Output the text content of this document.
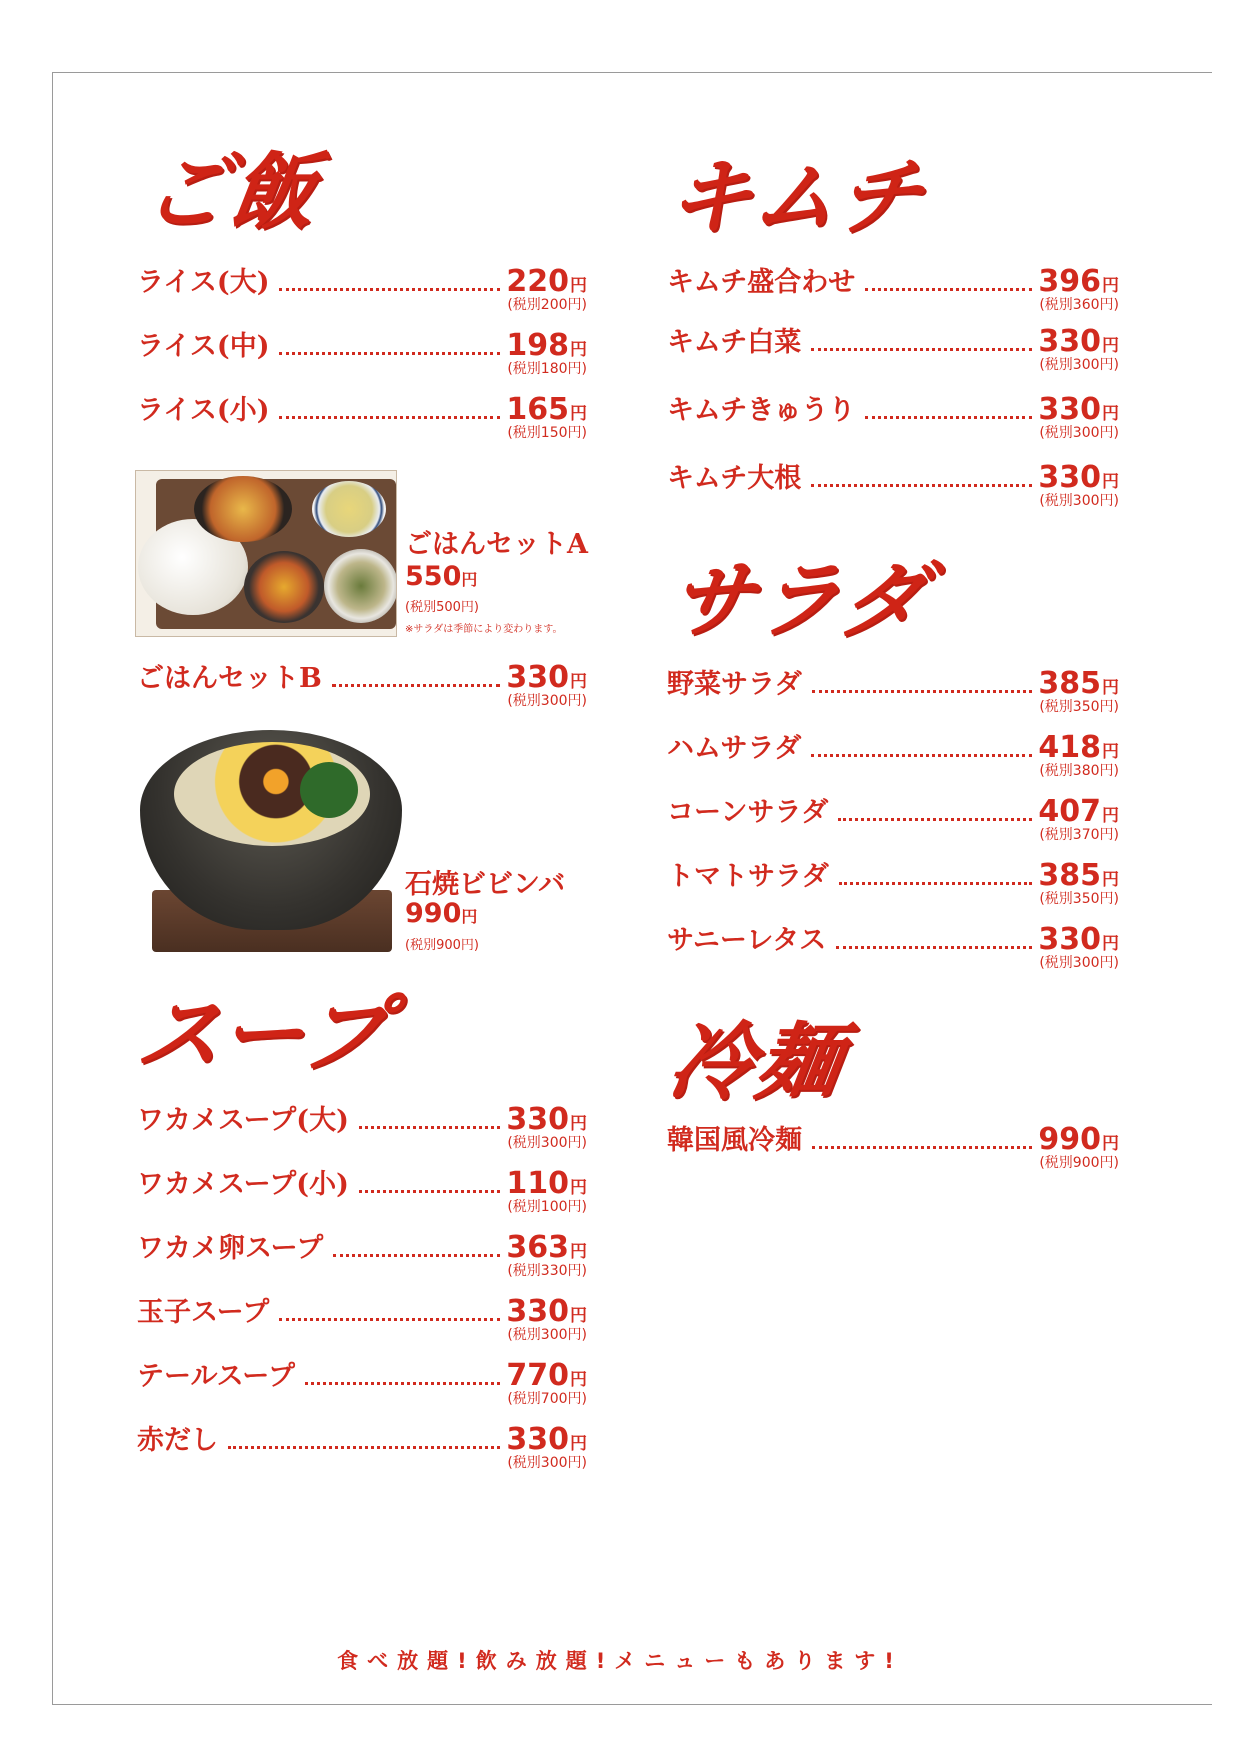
ご飯
ライス(大)	220 円
(税別200円)
ライス(中)	198 円
(税別180円)
ライス(小)	165 円
(税別150円)
ごはんセットA
550円
(税別500円)
※サラダは季節により変わります。
ごはんセットB	330 円
(税別300円)
石焼ビビンバ
990円
(税別900円)
スープ
ワカメスープ(大)	330 円
(税別300円)
ワカメスープ(小)	110 円
(税別100円)
ワカメ卵スープ	363 円
(税別330円)
玉子スープ	330 円
(税別300円)
テールスープ	770 円
(税別700円)
赤だし	330 円
(税別300円)
キムチ
キムチ盛合わせ	396 円
(税別360円)
キムチ白菜	330 円
(税別300円)
キムチきゅうり	330 円
(税別300円)
キムチ大根	330 円
(税別300円)
サラダ
野菜サラダ	385 円
(税別350円)
ハムサラダ	418 円
(税別380円)
コーンサラダ	407 円
(税別370円)
トマトサラダ	385 円
(税別350円)
サニーレタス	330 円
(税別300円)
冷麺
韓国風冷麺	990 円
(税別900円)
食べ放題!飲み放題!メニューもあります!
